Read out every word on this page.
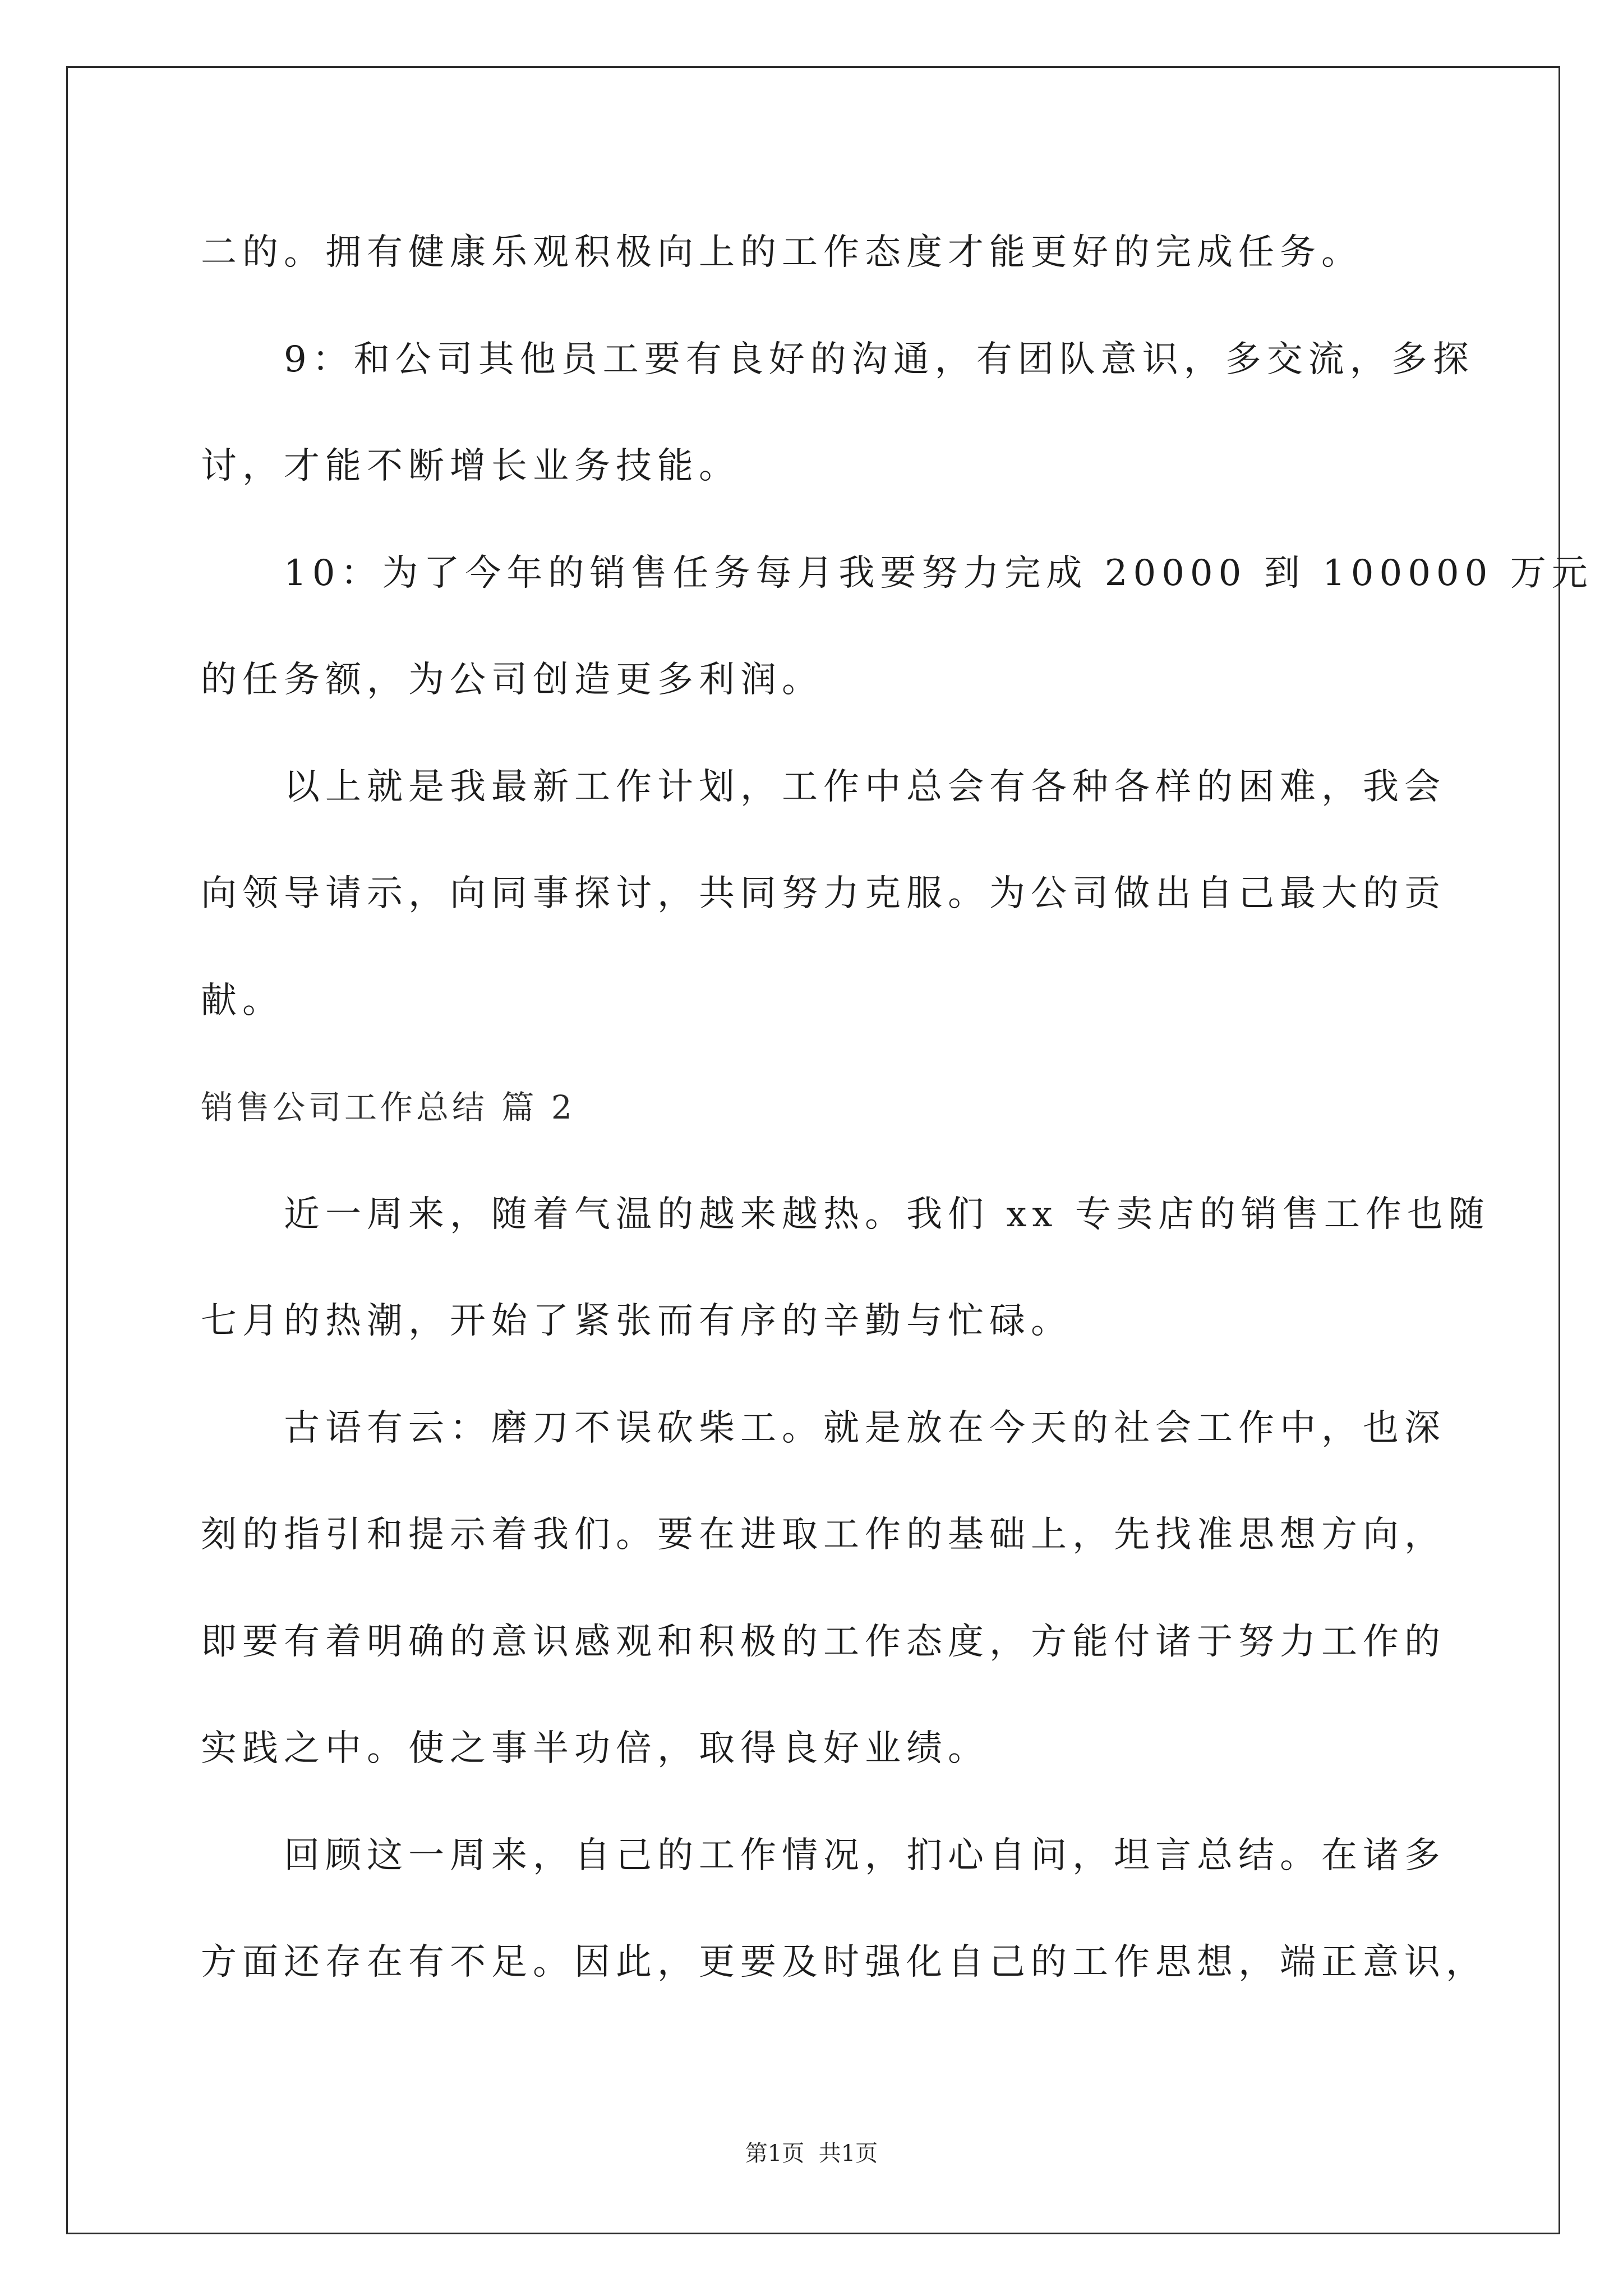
二的。拥有健康乐观积极向上的工作态度才能更好的完成任务。
9：和公司其他员工要有良好的沟通，有团队意识，多交流，多探
讨，才能不断增长业务技能。
10：为了今年的销售任务每月我要努力完成 20000 到 100000 万元
的任务额，为公司创造更多利润。
以上就是我最新工作计划，工作中总会有各种各样的困难，我会
向领导请示，向同事探讨，共同努力克服。为公司做出自己最大的贡
献。
销售公司工作总结 篇 2
近一周来，随着气温的越来越热。我们 xx 专卖店的销售工作也随
七月的热潮，开始了紧张而有序的辛勤与忙碌。
古语有云：磨刀不误砍柴工。就是放在今天的社会工作中，也深
刻的指引和提示着我们。要在进取工作的基础上，先找准思想方向，
即要有着明确的意识感观和积极的工作态度，方能付诸于努力工作的
实践之中。使之事半功倍，取得良好业绩。
回顾这一周来，自己的工作情况，扪心自问，坦言总结。在诸多
方面还存在有不足。因此，更要及时强化自己的工作思想，端正意识，
第1页  共1页
